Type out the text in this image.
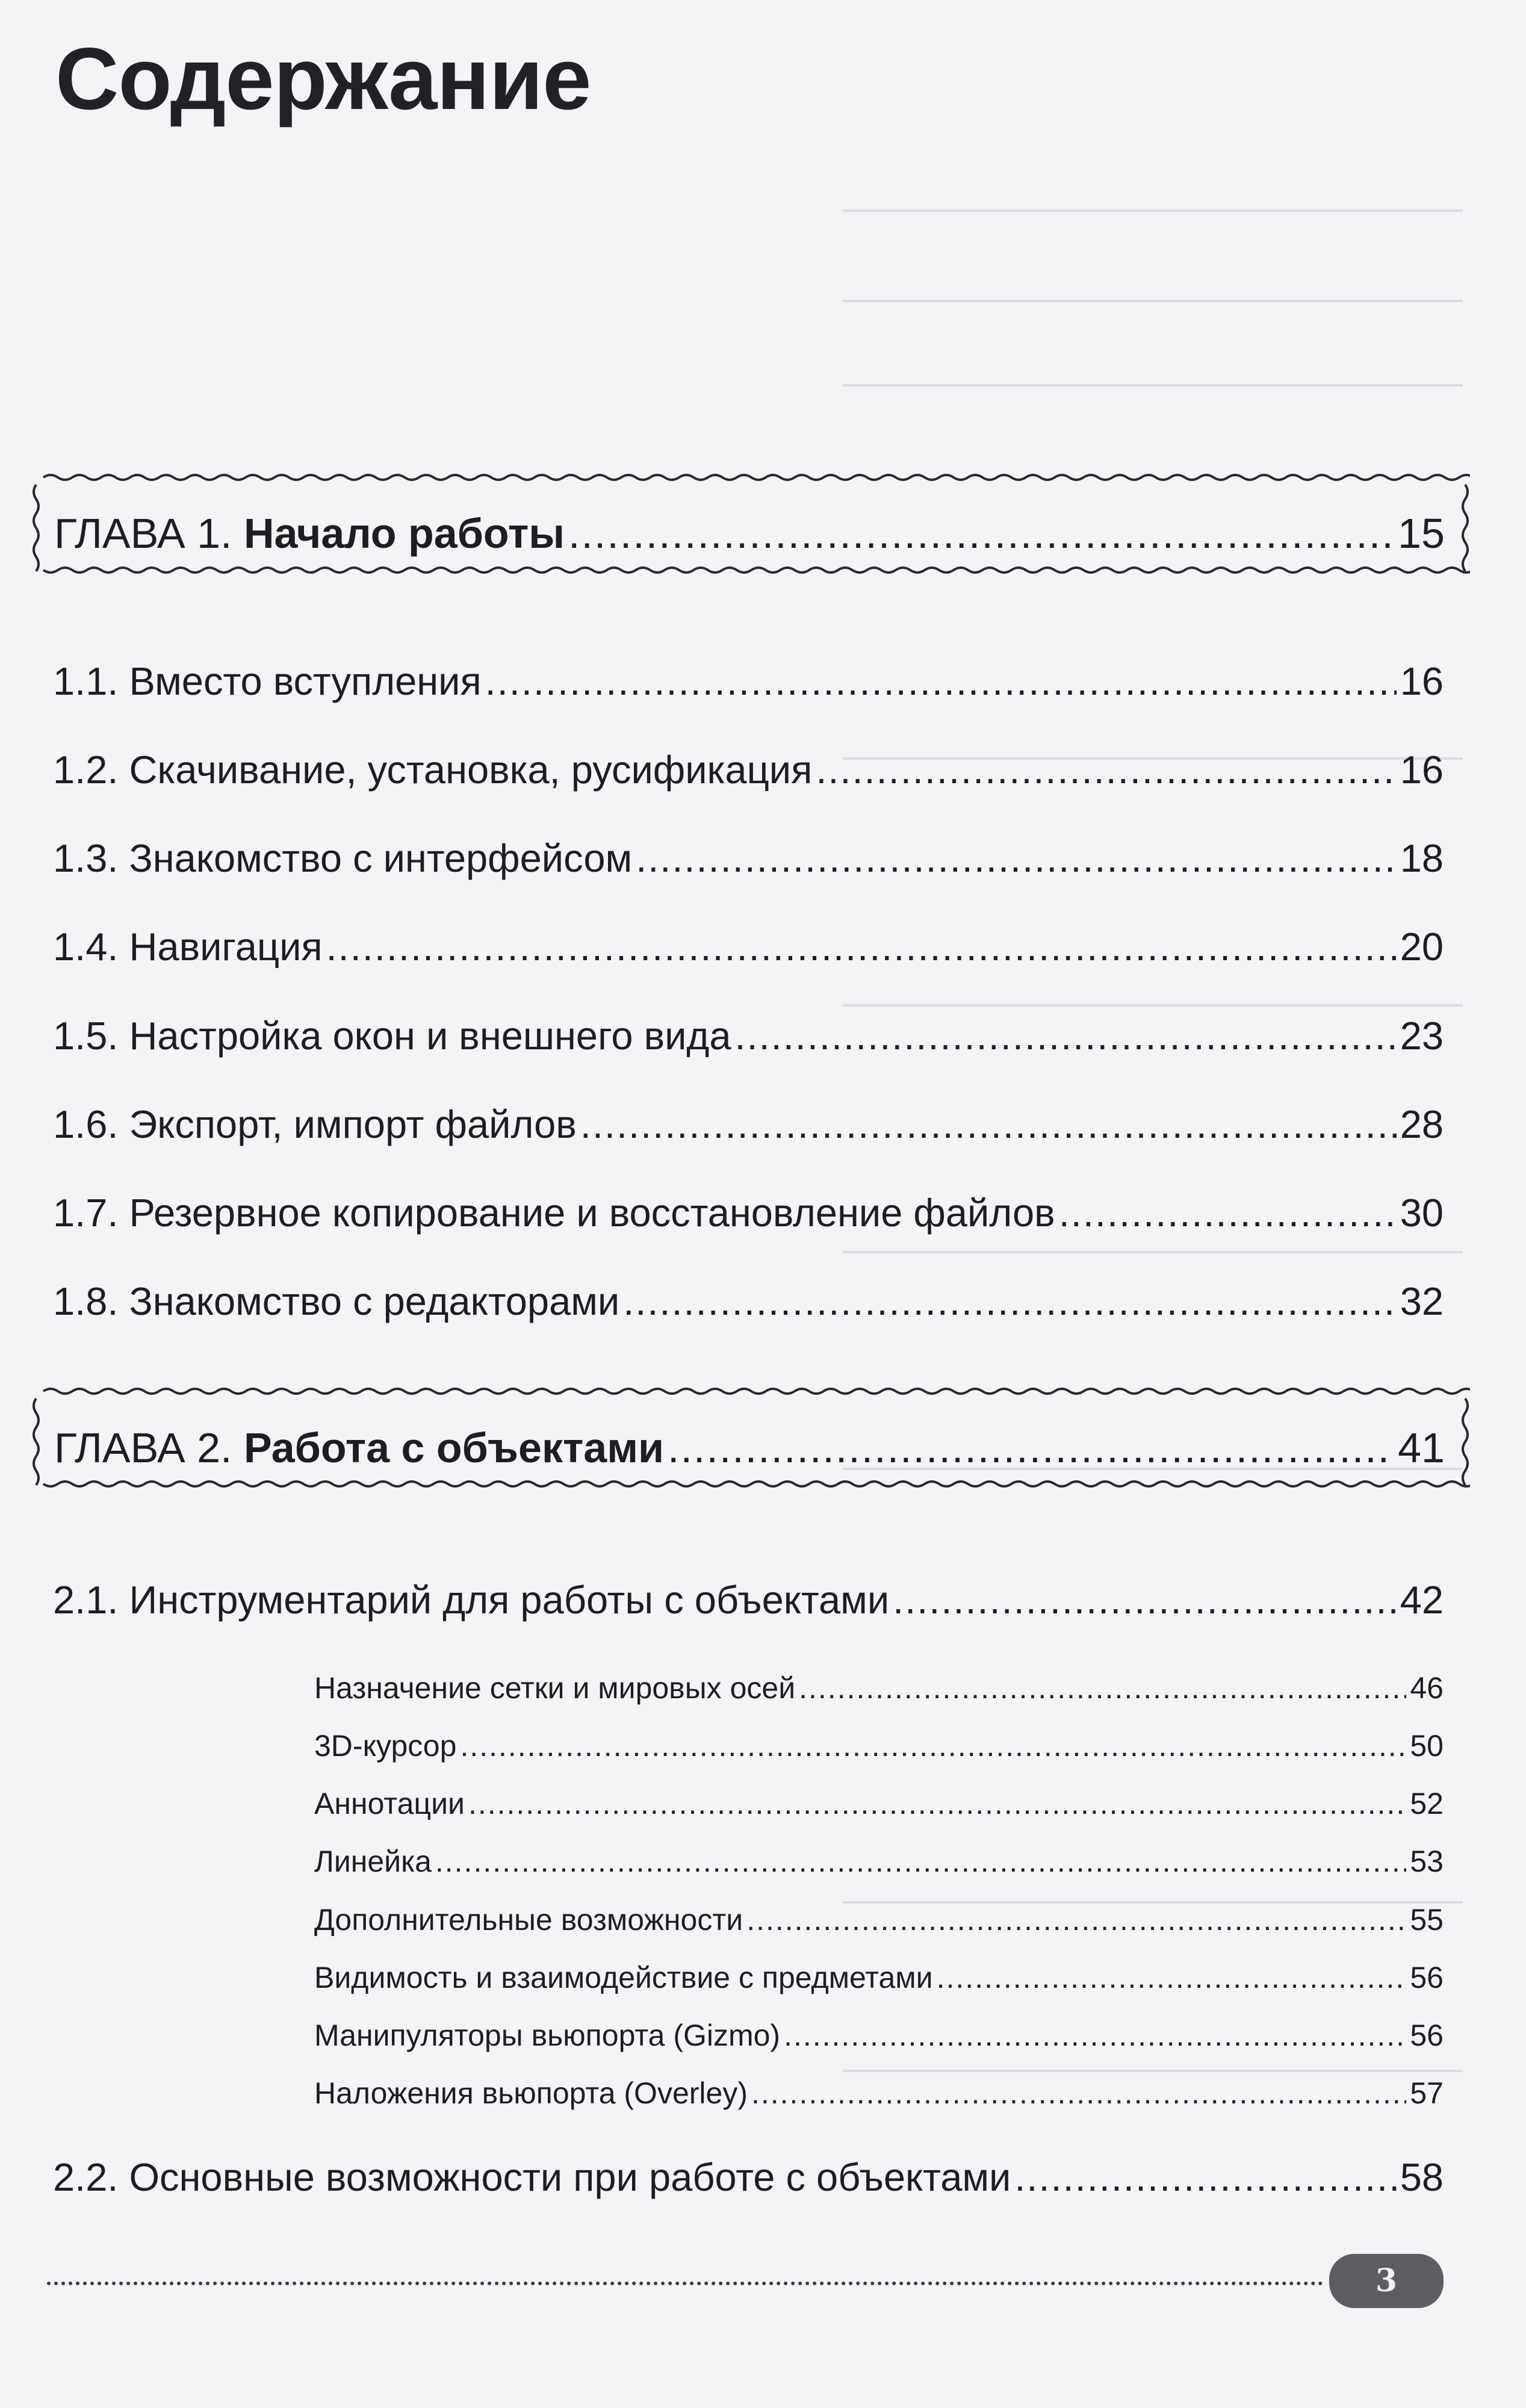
Содержание
ГЛАВА 1. Начало работы .....	15
1.1. Вместо вступления .....	16
1.2. Скачивание, установка, русификация .....	16
1.3. Знакомство с интерфейсом .....	18
1.4. Навигация .....	20
1.5. Настройка окон и внешнего вида .....	23
1.6. Экспорт, импорт файлов .....	28
1.7. Резервное копирование и восстановление файлов .....	30
1.8. Знакомство с редакторами .....	32
ГЛАВА 2. Работа с объектами .....	41
2.1. Инструментарий для работы с объектами .....	42
Назначение сетки и мировых осей .....	46
3D-курсор .....	50
Аннотации .....	52
Линейка .....	53
Дополнительные возможности .....	55
Видимость и взаимодействие с предметами .....	56
Манипуляторы вьюпорта (Gizmo) .....	56
Наложения вьюпорта (Overley) .....	57
2.2. Основные возможности при работе с объектами .....	58
3
